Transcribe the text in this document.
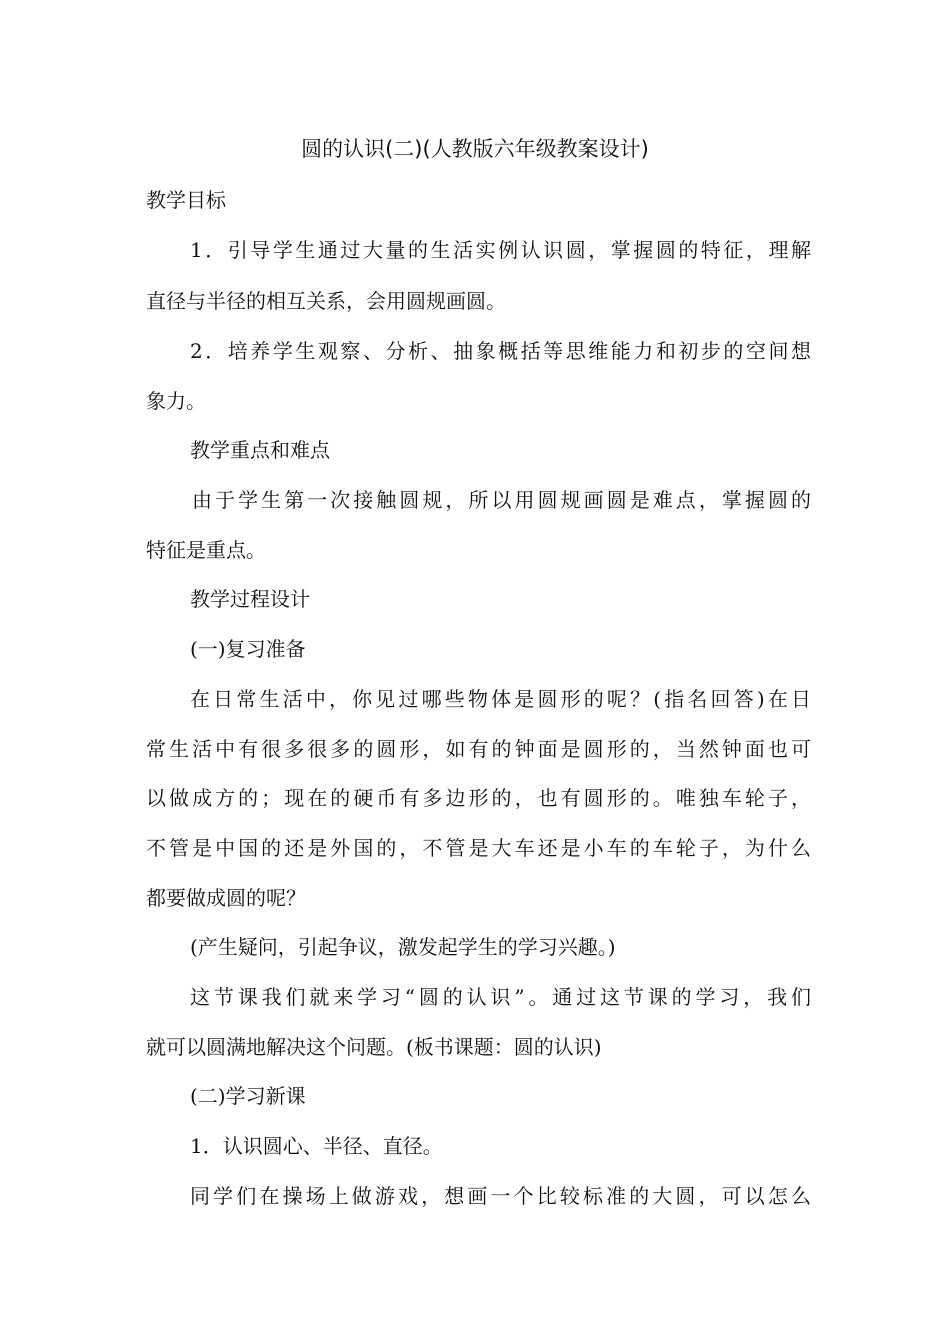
圆的认识(二)(人教版六年级教案设计)
教学目标
1．引导学生通过大量的生活实例认识圆，掌握圆的特征，理解
直径与半径的相互关系，会用圆规画圆。
2．培养学生观察、分析、抽象概括等思维能力和初步的空间想
象力。
教学重点和难点
由于学生第一次接触圆规，所以用圆规画圆是难点，掌握圆的
特征是重点。
教学过程设计
(一)复习准备
在日常生活中，你见过哪些物体是圆形的呢？(指名回答)在日
常生活中有很多很多的圆形，如有的钟面是圆形的，当然钟面也可
以做成方的；现在的硬币有多边形的，也有圆形的。唯独车轮子，
不管是中国的还是外国的，不管是大车还是小车的车轮子，为什么
都要做成圆的呢？
(产生疑问，引起争议，激发起学生的学习兴趣。)
这节课我们就来学习“圆的认识”。通过这节课的学习，我们
就可以圆满地解决这个问题。(板书课题：圆的认识)
(二)学习新课
1．认识圆心、半径、直径。
同学们在操场上做游戏，想画一个比较标准的大圆，可以怎么
